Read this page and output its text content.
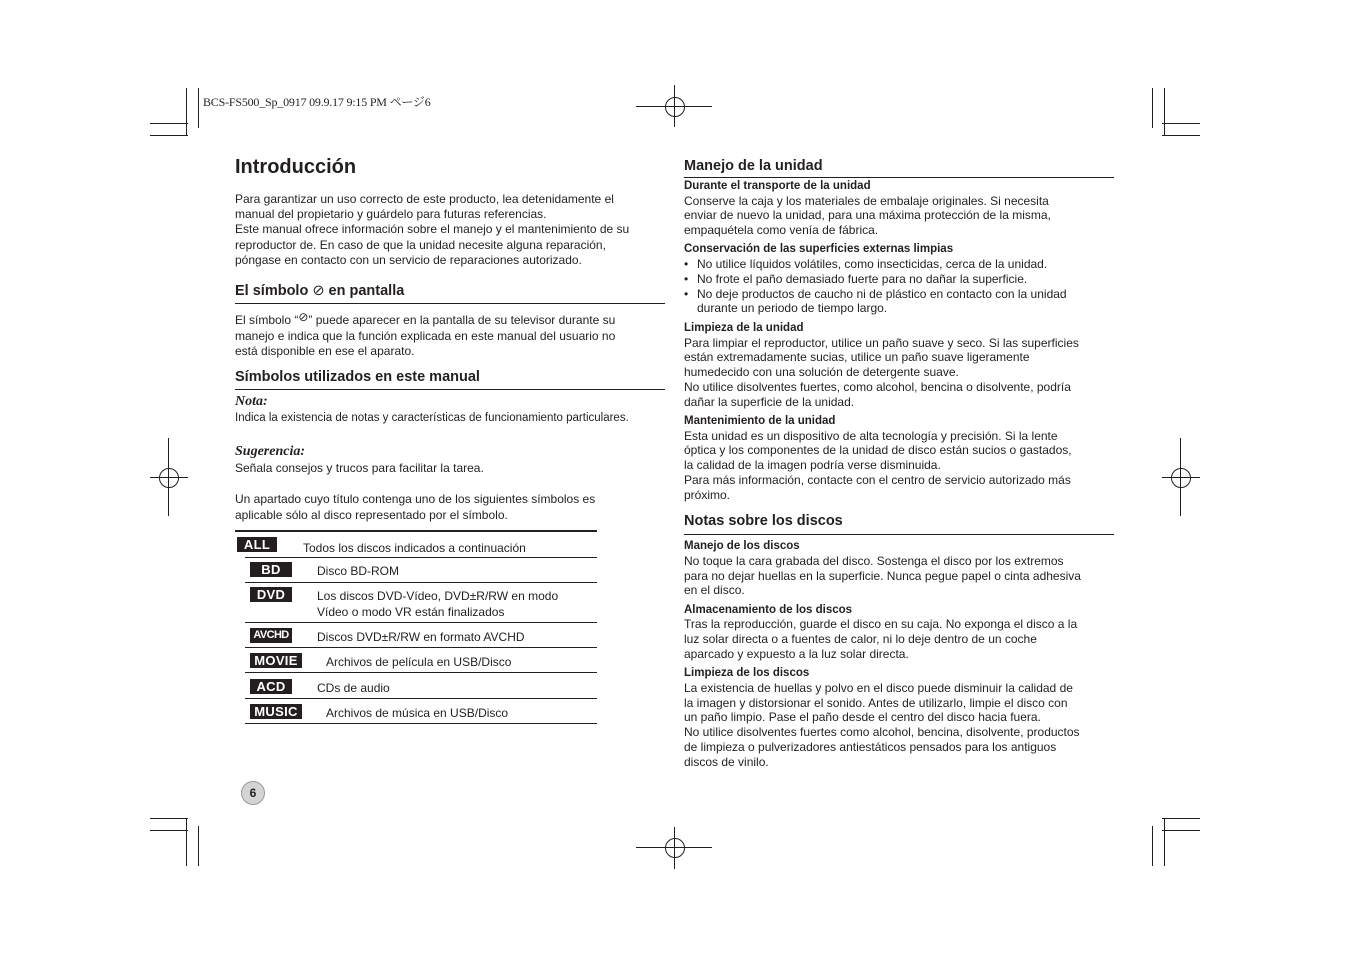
BCS-FS500_Sp_0917 09.9.17 9:15 PM ページ6
Introducción
Para garantizar un uso correcto de este producto, lea detenidamente el
manual del propietario y guárdelo para futuras referencias.
Este manual ofrece información sobre el manejo y el mantenimiento de su
reproductor de. En caso de que la unidad necesite alguna reparación,
póngase en contacto con un servicio de reparaciones autorizado.
El símbolo ⊘ en pantalla
El símbolo “⊘” puede aparecer en la pantalla de su televisor durante su
manejo e indica que la función explicada en este manual del usuario no
está disponible en ese el aparato.
Símbolos utilizados en este manual
Nota:
Indica la existencia de notas y características de funcionamiento particulares.
Sugerencia:
Señala consejos y trucos para facilitar la tarea.
Un apartado cuyo título contenga uno de los siguientes símbolos es
aplicable sólo al disco representado por el símbolo.
ALL	Todos los discos indicados a continuación
BD	Disco BD-ROM
DVD	Los discos DVD-Vídeo, DVD±R/RW en modo
Vídeo o modo VR están finalizados
AVCHD Discos DVD±R/RW en formato AVCHD
MOVIE	Archivos de película en USB/Disco
ACD	CDs de audio
MUSIC	Archivos de música en USB/Disco
6
Manejo de la unidad
Durante el transporte de la unidad
Conserve la caja y los materiales de embalaje originales. Si necesita
enviar de nuevo la unidad, para una máxima protección de la misma,
empaquétela como venía de fábrica.
Conservación de las superficies externas limpias
• No utilice líquidos volátiles, como insecticidas, cerca de la unidad.
• No frote el paño demasiado fuerte para no dañar la superficie.
• No deje productos de caucho ni de plástico en contacto con la unidad
durante un periodo de tiempo largo.
Limpieza de la unidad
Para limpiar el reproductor, utilice un paño suave y seco. Si las superficies
están extremadamente sucias, utilice un paño suave ligeramente
humedecido con una solución de detergente suave.
No utilice disolventes fuertes, como alcohol, bencina o disolvente, podría
dañar la superficie de la unidad.
Mantenimiento de la unidad
Esta unidad es un dispositivo de alta tecnología y precisión. Si la lente
óptica y los componentes de la unidad de disco están sucios o gastados,
la calidad de la imagen podría verse disminuida.
Para más información, contacte con el centro de servicio autorizado más
próximo.
Notas sobre los discos
Manejo de los discos
No toque la cara grabada del disco. Sostenga el disco por los extremos
para no dejar huellas en la superficie. Nunca pegue papel o cinta adhesiva
en el disco.
Almacenamiento de los discos
Tras la reproducción, guarde el disco en su caja. No exponga el disco a la
luz solar directa o a fuentes de calor, ni lo deje dentro de un coche
aparcado y expuesto a la luz solar directa.
Limpieza de los discos
La existencia de huellas y polvo en el disco puede disminuir la calidad de
la imagen y distorsionar el sonido. Antes de utilizarlo, limpie el disco con
un paño limpio. Pase el paño desde el centro del disco hacia fuera.
No utilice disolventes fuertes como alcohol, bencina, disolvente, productos
de limpieza o pulverizadores antiestáticos pensados para los antiguos
discos de vinilo.
